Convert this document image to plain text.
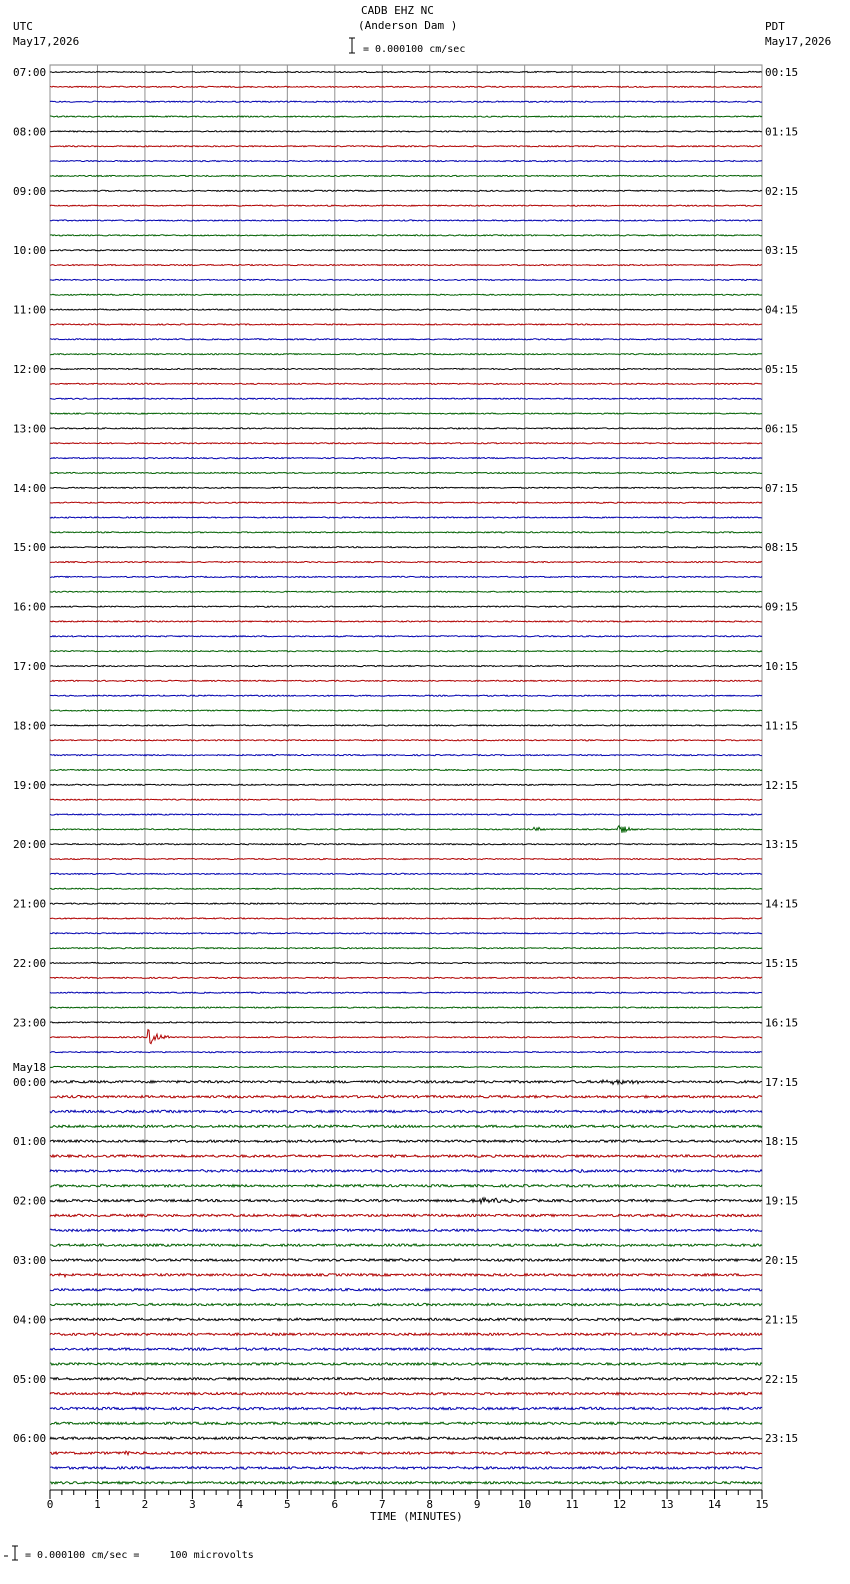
CADB EHZ NC
(Anderson Dam )
UTC
May17,2026
PDT
May17,2026
= 0.000100 cm/sec
= 0.000100 cm/sec =     100 microvolts
TIME (MINUTES)
0	1	2	3	4	5	6	7	8	9	10	11	12	13	14	15
07:00	00:15
08:00	01:15
09:00	02:15
10:00	03:15
11:00	04:15
12:00	05:15
13:00	06:15
14:00	07:15
15:00	08:15
16:00	09:15
17:00	10:15
18:00	11:15
19:00	12:15
20:00	13:15
21:00	14:15
22:00	15:15
23:00	16:15
00:00	17:15
May18
01:00	18:15
02:00	19:15
03:00	20:15
04:00	21:15
05:00	22:15
06:00	23:15
